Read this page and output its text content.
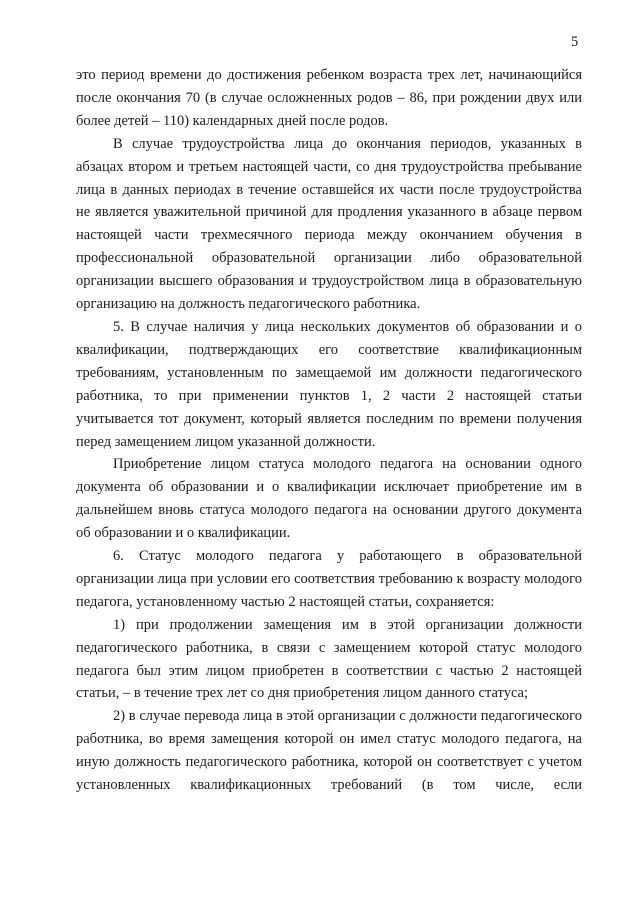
5

это период времени до достижения ребенком возраста трех лет, начинающийся после окончания 70 (в случае осложненных родов – 86, при рождении двух или более детей – 110) календарных дней после родов.

В случае трудоустройства лица до окончания периодов, указанных в абзацах втором и третьем настоящей части, со дня трудоустройства пребывание лица в данных периодах в течение оставшейся их части после трудоустройства не является уважительной причиной для продления указанного в абзаце первом настоящей части трехмесячного периода между окончанием обучения в профессиональной образовательной организации либо образовательной организации высшего образования и трудоустройством лица в образовательную организацию на должность педагогического работника.

5. В случае наличия у лица нескольких документов об образовании и о квалификации, подтверждающих его соответствие квалификационным требованиям, установленным по замещаемой им должности педагогического работника, то при применении пунктов 1, 2 части 2 настоящей статьи учитывается тот документ, который является последним по времени получения перед замещением лицом указанной должности.

Приобретение лицом статуса молодого педагога на основании одного документа об образовании и о квалификации исключает приобретение им в дальнейшем вновь статуса молодого педагога на основании другого документа об образовании и о квалификации.

6. Статус молодого педагога у работающего в образовательной организации лица при условии его соответствия требованию к возрасту молодого педагога, установленному частью 2 настоящей статьи, сохраняется:

1) при продолжении замещения им в этой организации должности педагогического работника, в связи с замещением которой статус молодого педагога был этим лицом приобретен в соответствии с частью 2 настоящей статьи, – в течение трех лет со дня приобретения лицом данного статуса;

2) в случае перевода лица в этой организации с должности педагогического работника, во время замещения которой он имел статус молодого педагога, на иную должность педагогического работника, которой он соответствует с учетом установленных квалификационных требований (в том числе, если
